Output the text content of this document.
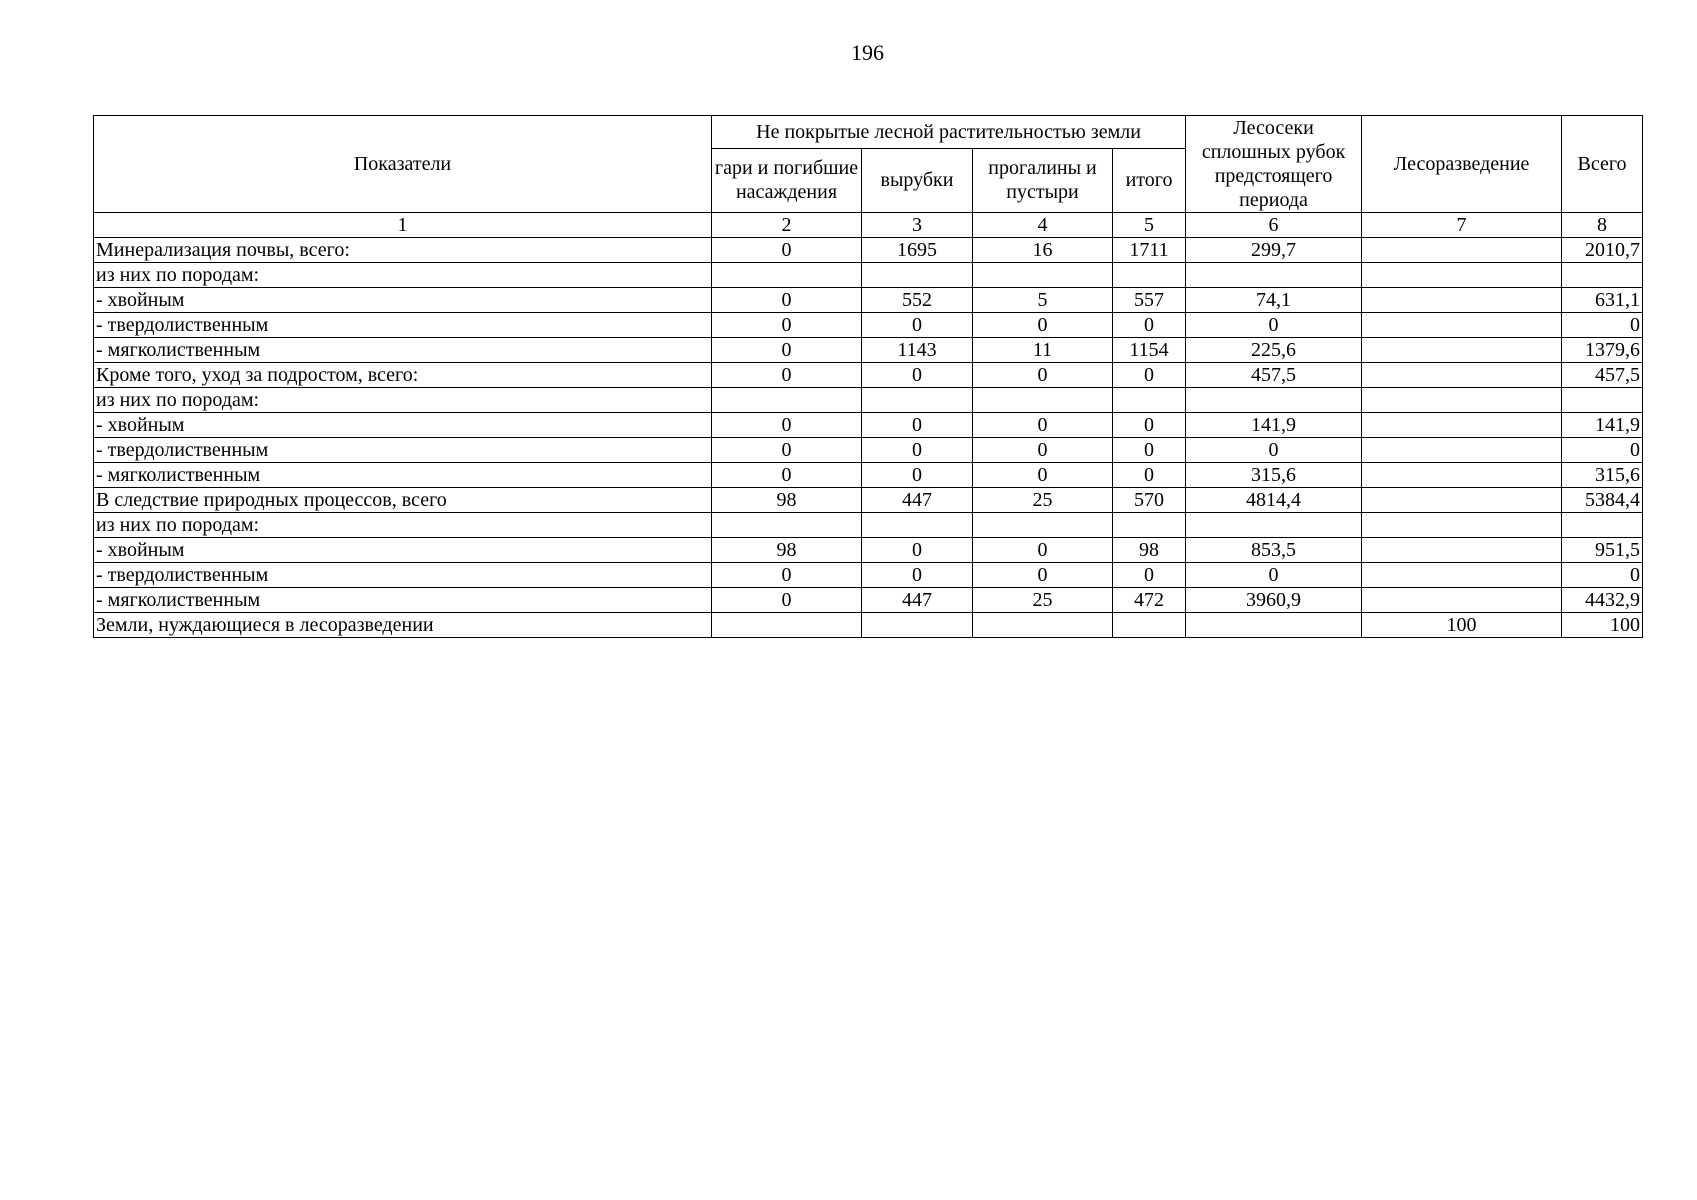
196
Показатели	Не покрытые лесной растительностью земли				Лесосеки сплошных рубок предстоящего периода	Лесоразведение	Всего
	гари и погибшие насаждения	вырубки	прогалины и пустыри	итого			
1	2	3	4	5	6	7	8
Минерализация почвы, всего:	0	1695	16	1711	299,7		2010,7
из них по породам:							
- хвойным	0	552	5	557	74,1		631,1
- твердолиственным	0	0	0	0	0		0
- мягколиственным	0	1143	11	1154	225,6		1379,6
Кроме того, уход за подростом, всего:	0	0	0	0	457,5		457,5
из них по породам:							
- хвойным	0	0	0	0	141,9		141,9
- твердолиственным	0	0	0	0	0		0
- мягколиственным	0	0	0	0	315,6		315,6
В следствие природных процессов, всего	98	447	25	570	4814,4		5384,4
из них по породам:							
- хвойным	98	0	0	98	853,5		951,5
- твердолиственным	0	0	0	0	0		0
- мягколиственным	0	447	25	472	3960,9		4432,9
Земли, нуждающиеся в лесоразведении						100	100
